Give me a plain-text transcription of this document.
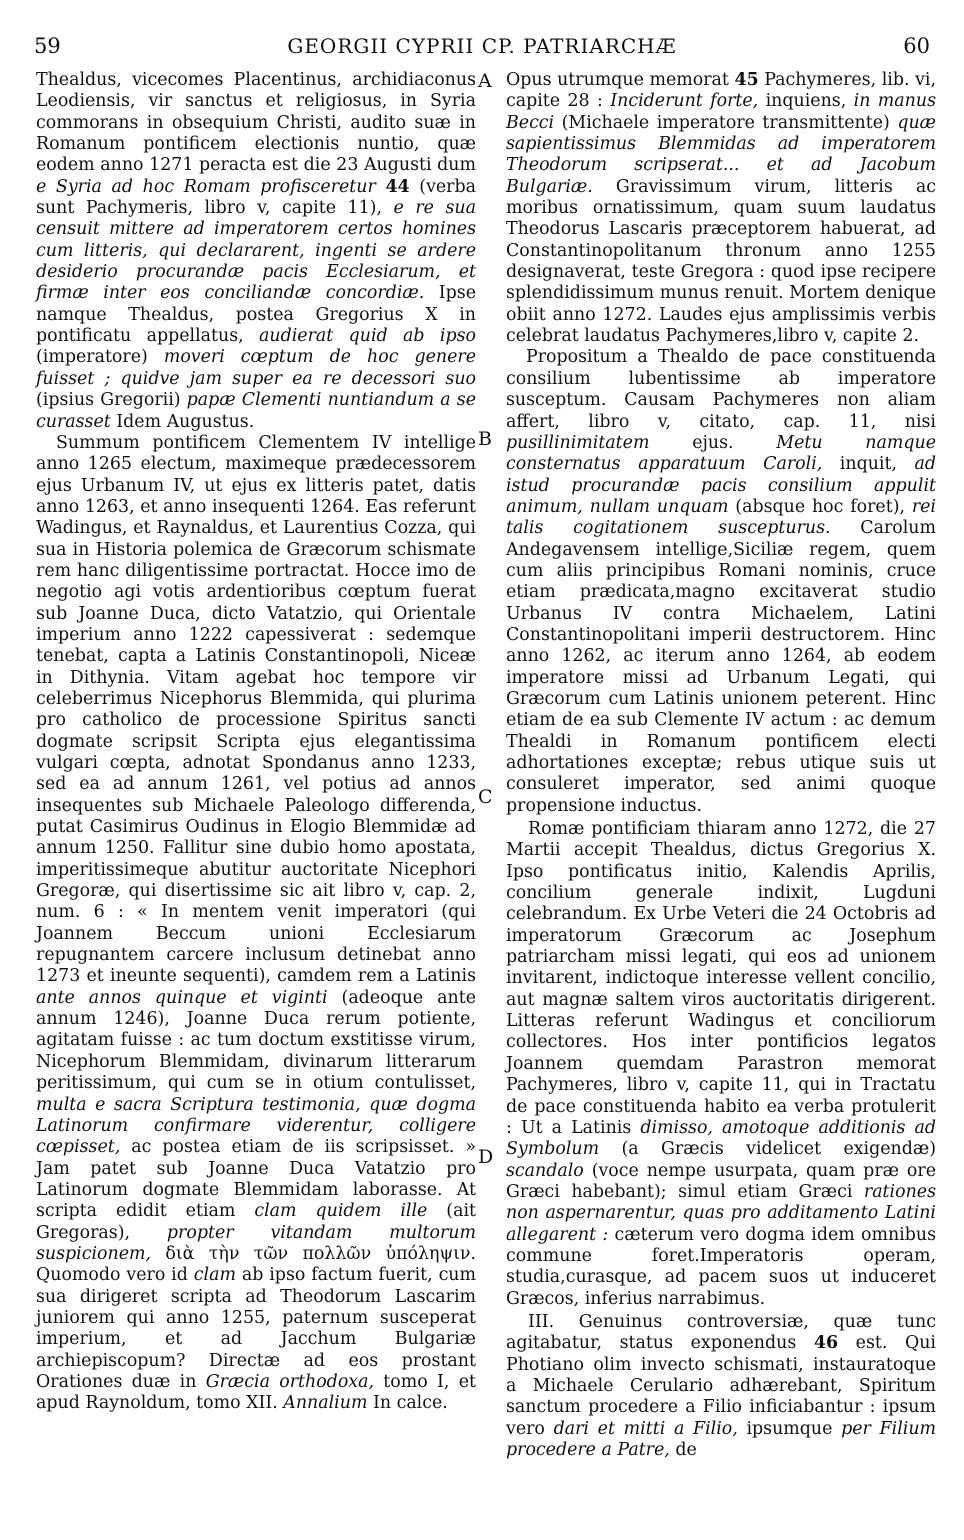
59	GEORGII CYPRII CP. PATRIARCHÆ	60
A
B
C
D

Thealdus, vicecomes Placentinus, archidiaconus Leodiensis, vir sanctus et religiosus, in Syria commorans in obsequium Christi, audito suæ in Romanum pontificem electionis nuntio, quæ eodem anno 1271 peracta est die 23 Augusti dum e Syria ad hoc Romam profisceretur 44 (verba sunt Pachymeris, libro v, capite 11), e re sua censuit mittere ad imperatorem certos homines cum litteris, qui declararent, ingenti se ardere desiderio procurandæ pacis Ecclesiarum, et firmæ inter eos conciliandæ concordiæ. Ipse namque Thealdus, postea Gregorius X in pontificatu appellatus, audierat quid ab ipso (imperatore) moveri cœptum de hoc genere fuisset ; quidve jam super ea re decessori suo (ipsius Gregorii) papæ Clementi nuntiandum a se curasset Idem Augustus.

Summum pontificem Clementem IV intellige anno 1265 electum, maximeque prædecessorem ejus Urbanum IV, ut ejus ex litteris patet, datis anno 1263, et anno insequenti 1264. Eas referunt Wadingus, et Raynaldus, et Laurentius Cozza, qui sua in Historia polemica de Græcorum schismate rem hanc diligentissime portractat. Hocce imo de negotio agi votis ardentioribus cœptum fuerat sub Joanne Duca, dicto Vatatzio, qui Orientale imperium anno 1222 capessiverat : sedemque tenebat, capta a Latinis Constantinopoli, Niceæ in Dithynia. Vitam agebat hoc tempore vir celeberrimus Nicephorus Blemmida, qui plurima pro catholico de processione Spiritus sancti dogmate scripsit Scripta ejus elegantissima vulgari cœpta, adnotat Spondanus anno 1233, sed ea ad annum 1261, vel potius ad annos insequentes sub Michaele Paleologo differenda, putat Casimirus Oudinus in Elogio Blemmidæ ad annum 1250. Fallitur sine dubio homo apostata, imperitissimeque abutitur auctoritate Nicephori Gregoræ, qui disertissime sic ait libro v, cap. 2, num. 6 : « In mentem venit imperatori (qui Joannem Beccum unioni Ecclesiarum repugnantem carcere inclusum detinebat anno 1273 et ineunte sequenti), camdem rem a Latinis ante annos quinque et viginti (adeoque ante annum 1246), Joanne Duca rerum potiente, agitatam fuisse : ac tum doctum exstitisse virum, Nicephorum Blemmidam, divinarum litterarum peritissimum, qui cum se in otium contulisset, multa e sacra Scriptura testimonia, quæ dogma Latinorum confirmare viderentur, colligere cœpisset, ac postea etiam de iis scripsisset. » Jam patet sub Joanne Duca Vatatzio pro Latinorum dogmate Blemmidam laborasse. At scripta edidit etiam clam quidem ille (ait Gregoras), propter vitandam multorum suspicionem, διὰ τὴν τῶν πολλῶν ὑπόληψιν. Quomodo vero id clam ab ipso factum fuerit, cum sua dirigeret scripta ad Theodorum Lascarim juniorem qui anno 1255, paternum susceperat imperium, et ad Jacchum Bulgariæ archiepiscopum? Directæ ad eos prostant Orationes duæ in Græcia orthodoxa, tomo I, et apud Raynoldum, tomo XII. Annalium In calce.

Opus utrumque memorat 45 Pachymeres, lib. vi, capite 28 : Inciderunt forte, inquiens, in manus Becci (Michaele imperatore transmittente) quæ sapientissimus Blemmidas ad imperatorem Theodorum scripserat... et ad Jacobum Bulgariæ. Gravissimum virum, litteris ac moribus ornatissimum, quam suum laudatus Theodorus Lascaris præceptorem habuerat, ad Constantinopolitanum thronum anno 1255 designaverat, teste Gregora : quod ipse recipere splendidissimum munus renuit. Mortem denique obiit anno 1272. Laudes ejus amplissimis verbis celebrat laudatus Pachymeres,libro v, capite 2.

Propositum a Thealdo de pace constituenda consilium lubentissime ab imperatore susceptum. Causam Pachymeres non aliam affert, libro v, citato, cap. 11, nisi pusillinimitatem ejus. Metu namque consternatus apparatuum Caroli, inquit, ad istud procurandæ pacis consilium appulit animum, nullam unquam (absque hoc foret), rei talis cogitationem suscepturus. Carolum Andegavensem intellige,Siciliæ regem, quem cum aliis principibus Romani nominis, cruce etiam prædicata,magno excitaverat studio Urbanus IV contra Michaelem, Latini Constantinopolitani imperii destructorem. Hinc anno 1262, ac iterum anno 1264, ab eodem imperatore missi ad Urbanum Legati, qui Græcorum cum Latinis unionem peterent. Hinc etiam de ea sub Clemente IV actum : ac demum Thealdi in Romanum pontificem electi adhortationes exceptæ; rebus utique suis ut consuleret imperator, sed animi quoque propensione inductus.

Romæ pontificiam thiaram anno 1272, die 27 Martii accepit Thealdus, dictus Gregorius X. Ipso pontificatus initio, Kalendis Aprilis, concilium generale indixit, Lugduni celebrandum. Ex Urbe Veteri die 24 Octobris ad imperatorum Græcorum ac Josephum patriarcham missi legati, qui eos ad unionem invitarent, indictoque interesse vellent concilio, aut magnæ saltem viros auctoritatis dirigerent. Litteras referunt Wadingus et conciliorum collectores. Hos inter pontificios legatos Joannem quemdam Parastron memorat Pachymeres, libro v, capite 11, qui in Tractatu de pace constituenda habito ea verba protulerit : Ut a Latinis dimisso, amotoque additionis ad Symbolum (a Græcis videlicet exigendæ) scandalo (voce nempe usurpata, quam præ ore Græci habebant); simul etiam Græci rationes non aspernarentur, quas pro additamento Latini allegarent : cæterum vero dogma idem omnibus commune foret.Imperatoris operam, studia,curasque, ad pacem suos ut induceret Græcos, inferius narrabimus.

III. Genuinus controversiæ, quæ tunc agitabatur, status exponendus 46 est. Qui Photiano olim invecto schismati, instauratoque a Michaele Cerulario adhærebant, Spiritum sanctum procedere a Filio inficiabantur : ipsum vero dari et mitti a Filio, ipsumque per Filium procedere a Patre, de
